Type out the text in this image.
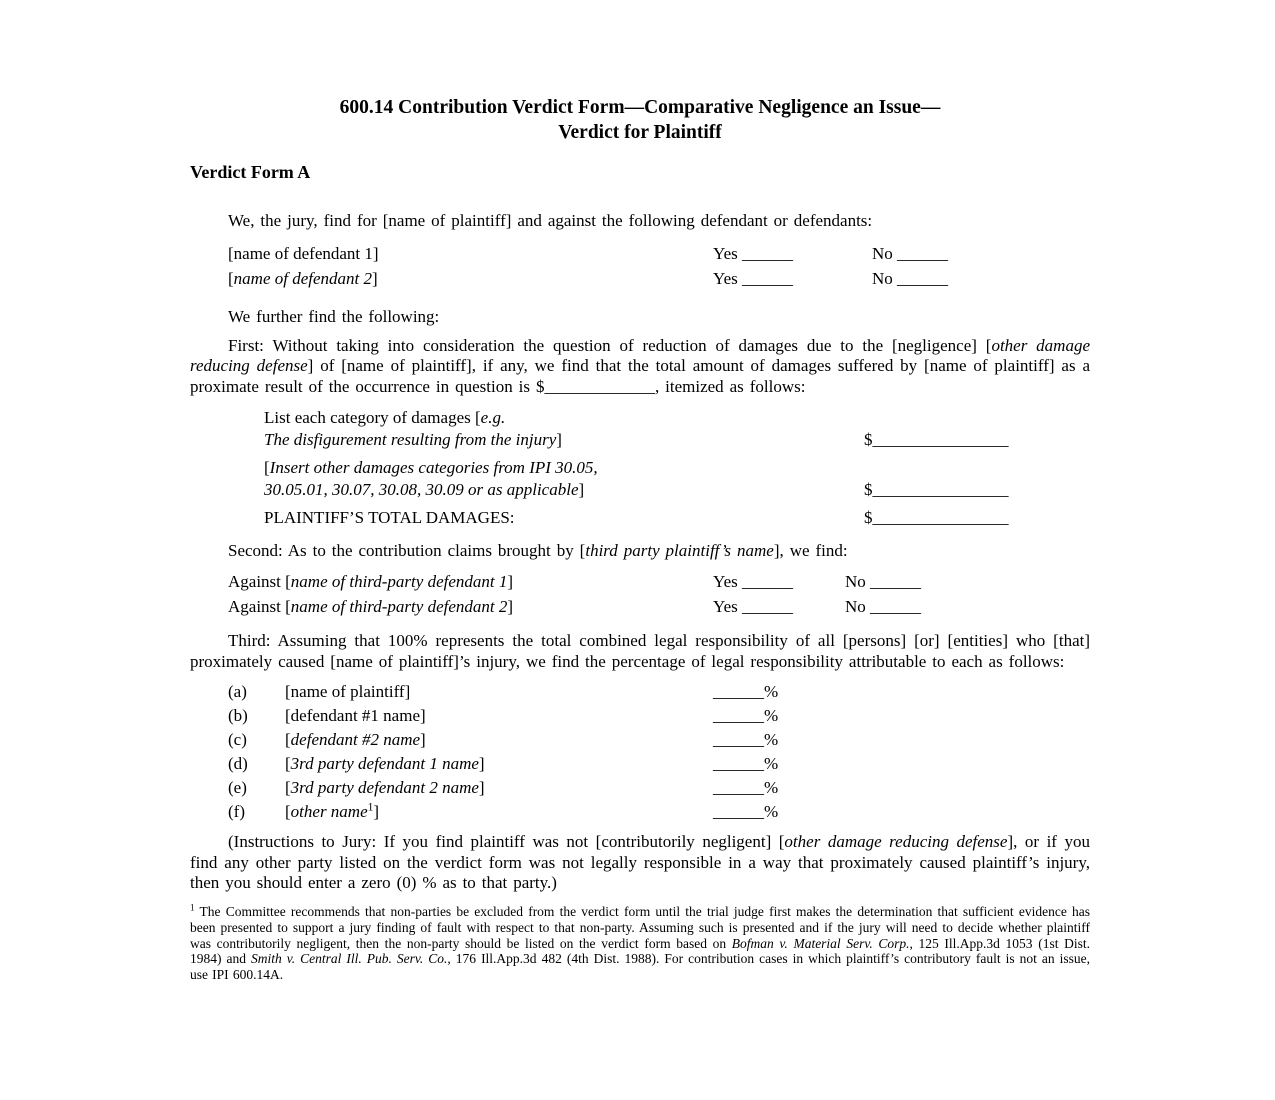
600.14 Contribution Verdict Form—Comparative Negligence an Issue—
Verdict for Plaintiff
Verdict Form A

We, the jury, find for [name of plaintiff] and against the following defendant or defendants:

[name of defendant 1]	Yes ______	No ______
[name of defendant 2]	Yes ______	No ______

We further find the following:

First: Without taking into consideration the question of reduction of damages due to the [negligence] [other damage reducing defense] of [name of plaintiff], if any, we find that the total amount of damages suffered by [name of plaintiff] as a proximate result of the occurrence in question is $_____________, itemized as follows:

List each category of damages [e.g.
The disfigurement resulting from the injury]	$________________
[Insert other damages categories from IPI 30.05,
30.05.01, 30.07, 30.08, 30.09 or as applicable]	$________________
PLAINTIFF’S TOTAL DAMAGES:	$________________

Second: As to the contribution claims brought by [third party plaintiff’s name], we find:

Against [name of third-party defendant 1]	Yes ______	No ______
Against [name of third-party defendant 2]	Yes ______	No ______

Third: Assuming that 100% represents the total combined legal responsibility of all [persons] [or] [entities] who [that] proximately caused [name of plaintiff]’s injury, we find the percentage of legal responsibility attributable to each as follows:

(a) [name of plaintiff]	______%
(b) [defendant #1 name]	______%
(c) [defendant #2 name]	______%
(d) [3rd party defendant 1 name]	______%
(e) [3rd party defendant 2 name]	______%
(f) [other name$^1$]	______%

(Instructions to Jury: If you find plaintiff was not [contributorily negligent] [other damage reducing defense], or if you find any other party listed on the verdict form was not legally responsible in a way that proximately caused plaintiff’s injury, then you should enter a zero (0) % as to that party.)

$^1$ The Committee recommends that non-parties be excluded from the verdict form until the trial judge first makes the determination that sufficient evidence has been presented to support a jury finding of fault with respect to that non-party. Assuming such is presented and if the jury will need to decide whether plaintiff was contributorily negligent, then the non-party should be listed on the verdict form based on Bofman v. Material Serv. Corp., 125 Ill.App.3d 1053 (1st Dist. 1984) and Smith v. Central Ill. Pub. Serv. Co., 176 Ill.App.3d 482 (4th Dist. 1988). For contribution cases in which plaintiff’s contributory fault is not an issue, use IPI 600.14A.
